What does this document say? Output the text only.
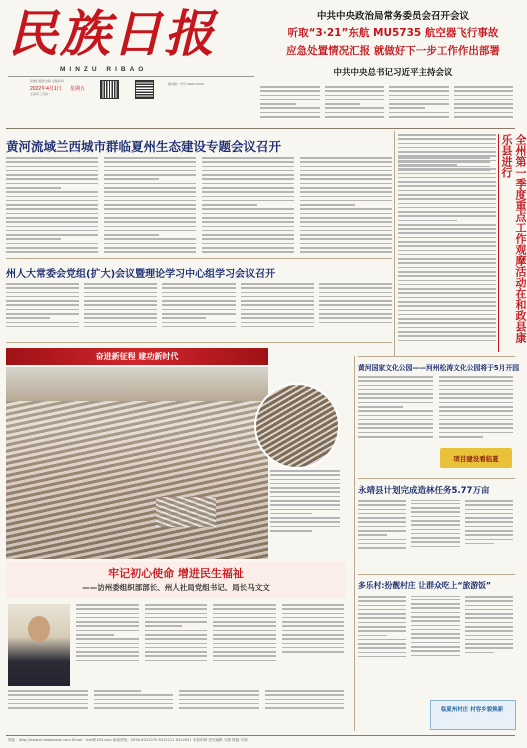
民族日报
MINZU RIBAO
民族日报社出版 全版彩印
2022年4月1日 星期五
壬寅年三月初一
国内统一刊号 CN62-0059
中共中央政治局常务委员会召开会议
听取“3·21”东航 MU5735 航空器飞行事故
应急处置情况汇报 就做好下一步工作作出部署
中共中央总书记习近平主持会议
黄河流域兰西城市群临夏州生态建设专题会议召开
州人大常委会党组(扩大)会议暨理论学习中心组学习会议召开
奋进新征程 建功新时代
牢记初心使命 增进民生福祉
——访州委组织部部长、州人社局党组书记、局长马文文
全州第一季度重点工作观摩活动在和政县康乐县进行
黄河国家文化公园——河州松涛文化公园将于5月开园
项目建设看临夏
永靖县计划完成造林任务5.77万亩
多乐村:扮靓村庄 让群众吃上“旅游饭”
临夏州村庄 村容乡貌焕新
网址：http://www.linxiabaoshe.com Email：lxrb@163.com 新闻热线：0930-6312270 6312211 6314931 本报印刷 责任编辑 马强 排版 马明
